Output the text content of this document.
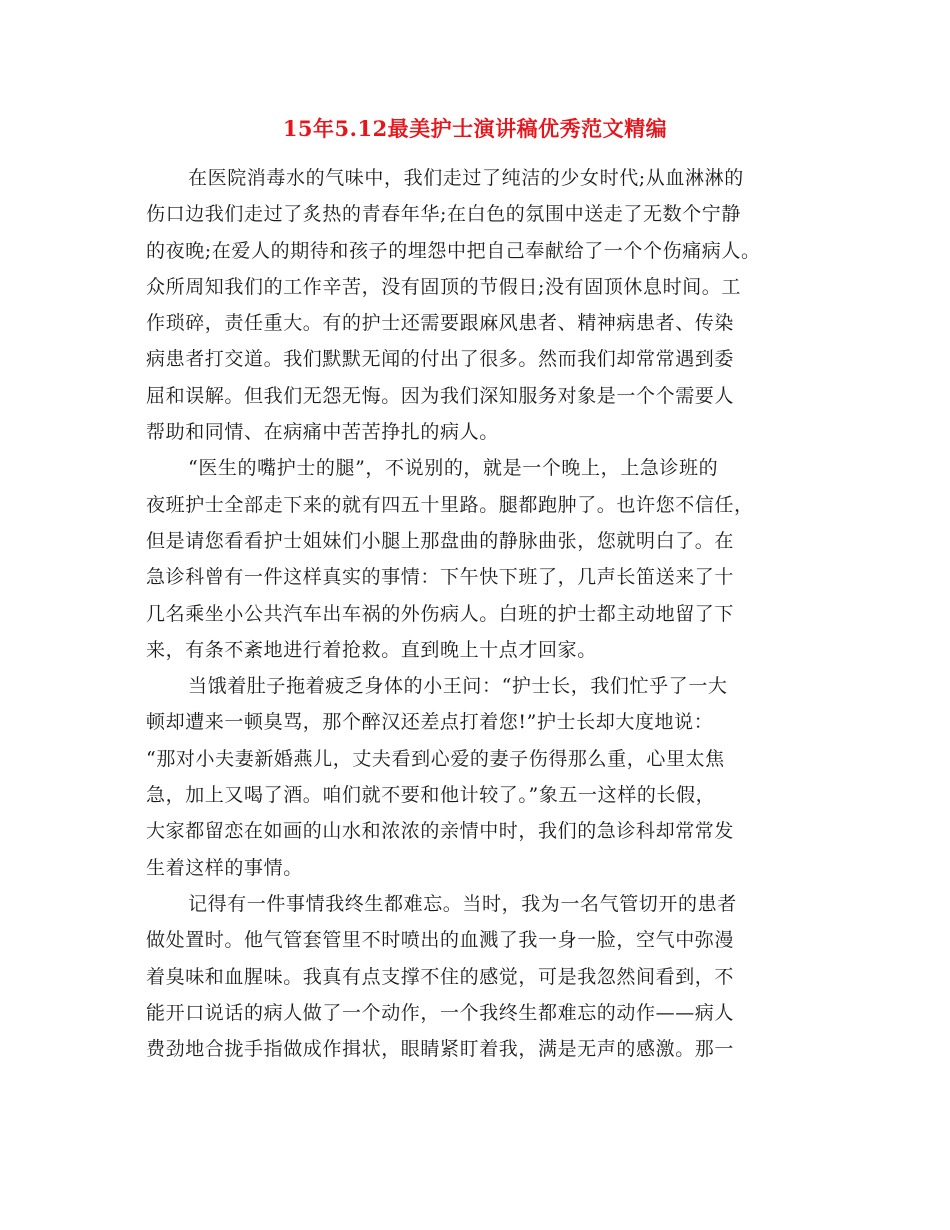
15年5.12最美护士演讲稿优秀范文精编
在医院消毒水的气味中，我们走过了纯洁的少女时代;从血淋淋的
伤口边我们走过了炙热的青春年华;在白色的氛围中送走了无数个宁静
的夜晚;在爱人的期待和孩子的埋怨中把自己奉献给了一个个伤痛病人。
众所周知我们的工作辛苦，没有固顶的节假日;没有固顶休息时间。工
作琐碎，责任重大。有的护士还需要跟麻风患者、精神病患者、传染
病患者打交道。我们默默无闻的付出了很多。然而我们却常常遇到委
屈和误解。但我们无怨无悔。因为我们深知服务对象是一个个需要人
帮助和同情、在病痛中苦苦挣扎的病人。
“医生的嘴护士的腿”，不说别的，就是一个晚上，上急诊班的
夜班护士全部走下来的就有四五十里路。腿都跑肿了。也许您不信任，
但是请您看看护士姐妹们小腿上那盘曲的静脉曲张，您就明白了。在
急诊科曾有一件这样真实的事情：下午快下班了，几声长笛送来了十
几名乘坐小公共汽车出车祸的外伤病人。白班的护士都主动地留了下
来，有条不紊地进行着抢救。直到晚上十点才回家。
当饿着肚子拖着疲乏身体的小王问：“护士长，我们忙乎了一大
顿却遭来一顿臭骂，那个醉汉还差点打着您!”护士长却大度地说：
“那对小夫妻新婚燕儿，丈夫看到心爱的妻子伤得那么重，心里太焦
急，加上又喝了酒。咱们就不要和他计较了。”象五一这样的长假，
大家都留恋在如画的山水和浓浓的亲情中时，我们的急诊科却常常发
生着这样的事情。
记得有一件事情我终生都难忘。当时，我为一名气管切开的患者
做处置时。他气管套管里不时喷出的血溅了我一身一脸，空气中弥漫
着臭味和血腥味。我真有点支撑不住的感觉，可是我忽然间看到，不
能开口说话的病人做了一个动作，一个我终生都难忘的动作——病人
费劲地合拢手指做成作揖状，眼睛紧盯着我，满是无声的感激。那一
